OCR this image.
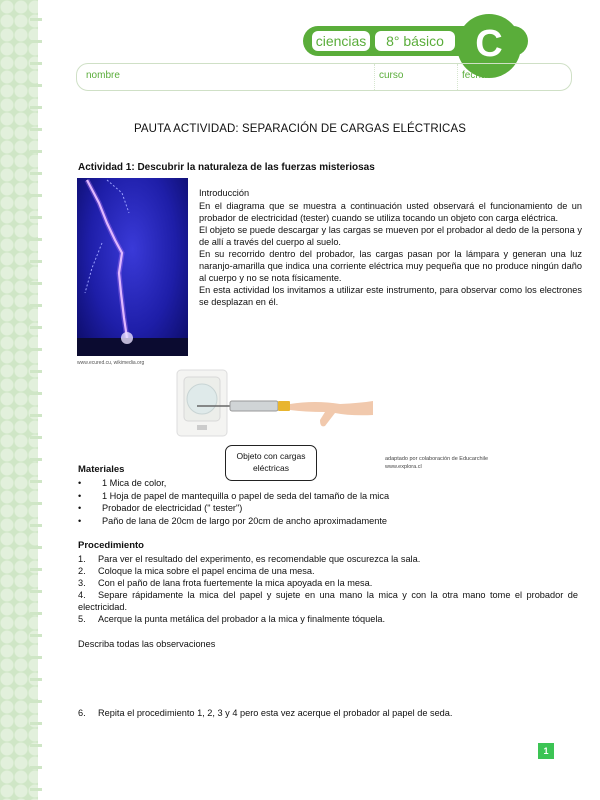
ciencias	8° básico C
nombre	curso	fecha
PAUTA ACTIVIDAD: SEPARACIÓN DE CARGAS ELÉCTRICAS
Actividad 1: Descubrir la naturaleza de las fuerzas misteriosas
www.ecured.cu, wikimedia.org
Introducción

En el diagrama que se muestra a continuación usted observará el funcionamiento de un probador de electricidad (tester) cuando se utiliza tocando un objeto con carga eléctrica.

El objeto se puede descargar y las cargas se mueven por el probador al dedo de la persona y de allí a través del cuerpo al suelo.

En su recorrido dentro del probador, las cargas pasan por la lámpara y generan una luz naranjo-amarilla que indica una corriente eléctrica muy pequeña que no produce ningún daño al cuerpo y no se nota físicamente.

En esta actividad los invitamos a utilizar este instrumento, para observar como los electrones se desplazan en él.

Objeto con cargas eléctricas
adaptado por colaboración de Educarchile
www.explora.cl
Materiales
• 1 Mica de color,
• 1 Hoja de papel de mantequilla o papel de seda del tamaño de la mica
• Probador de electricidad (" tester")
• Paño de lana de 20cm de largo por 20cm de ancho aproximadamente
Procedimiento
1. Para ver el resultado del experimento, es recomendable que oscurezca la sala.
2. Coloque la mica sobre el papel encima de una mesa.
3. Con el paño de lana frota fuertemente la mica apoyada en la mesa.
4. Separe rápidamente la mica del papel y sujete en una mano la mica y con la otra mano tome el probador de electricidad.
5. Acerque la punta metálica del probador a la mica y finalmente tóquela.
Describa todas las observaciones
6. Repita el procedimiento 1, 2, 3 y 4 pero esta vez acerque el probador al papel de seda.
1
